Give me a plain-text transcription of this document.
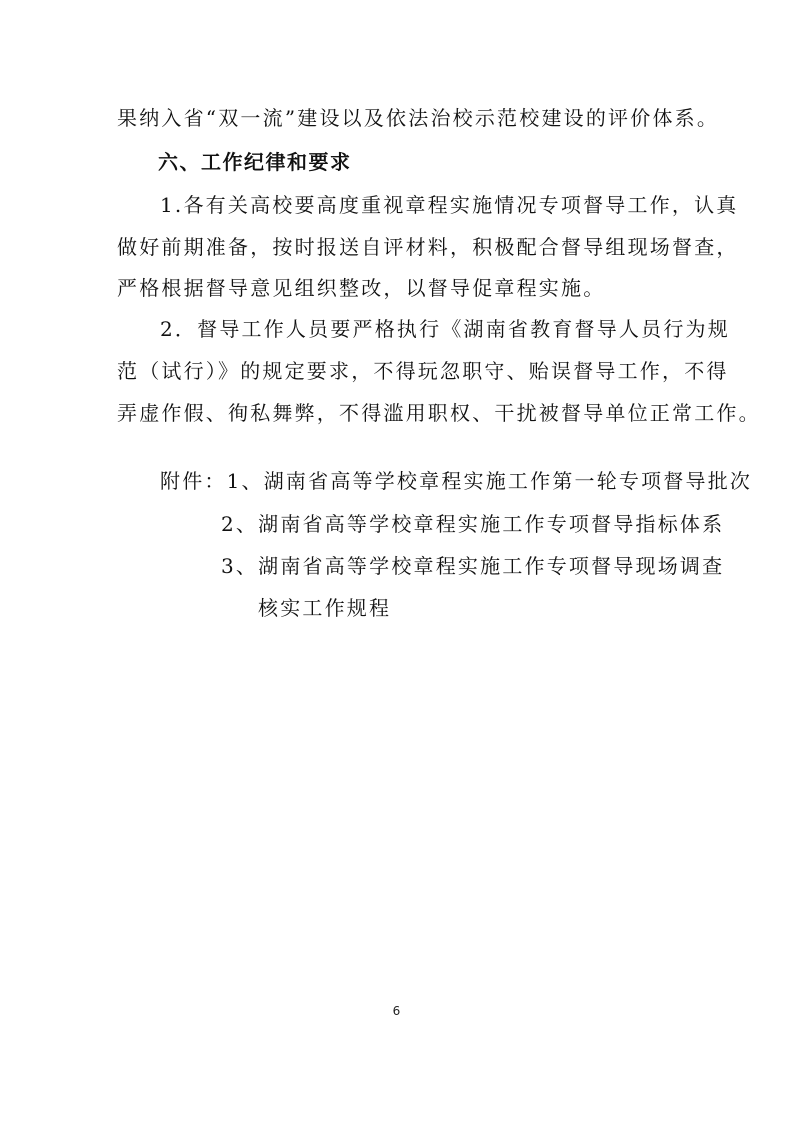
果纳入省“双一流”建设以及依法治校示范校建设的评价体系。

六、工作纪律和要求

1.各有关高校要高度重视章程实施情况专项督导工作，认真

做好前期准备，按时报送自评材料，积极配合督导组现场督查，

严格根据督导意见组织整改，以督导促章程实施。

2．督导工作人员要严格执行《湖南省教育督导人员行为规

范（试行）》的规定要求，不得玩忽职守、贻误督导工作，不得

弄虚作假、徇私舞弊，不得滥用职权、干扰被督导单位正常工作。

附件：1、湖南省高等学校章程实施工作第一轮专项督导批次

2、湖南省高等学校章程实施工作专项督导指标体系

3、湖南省高等学校章程实施工作专项督导现场调查

核实工作规程

6
